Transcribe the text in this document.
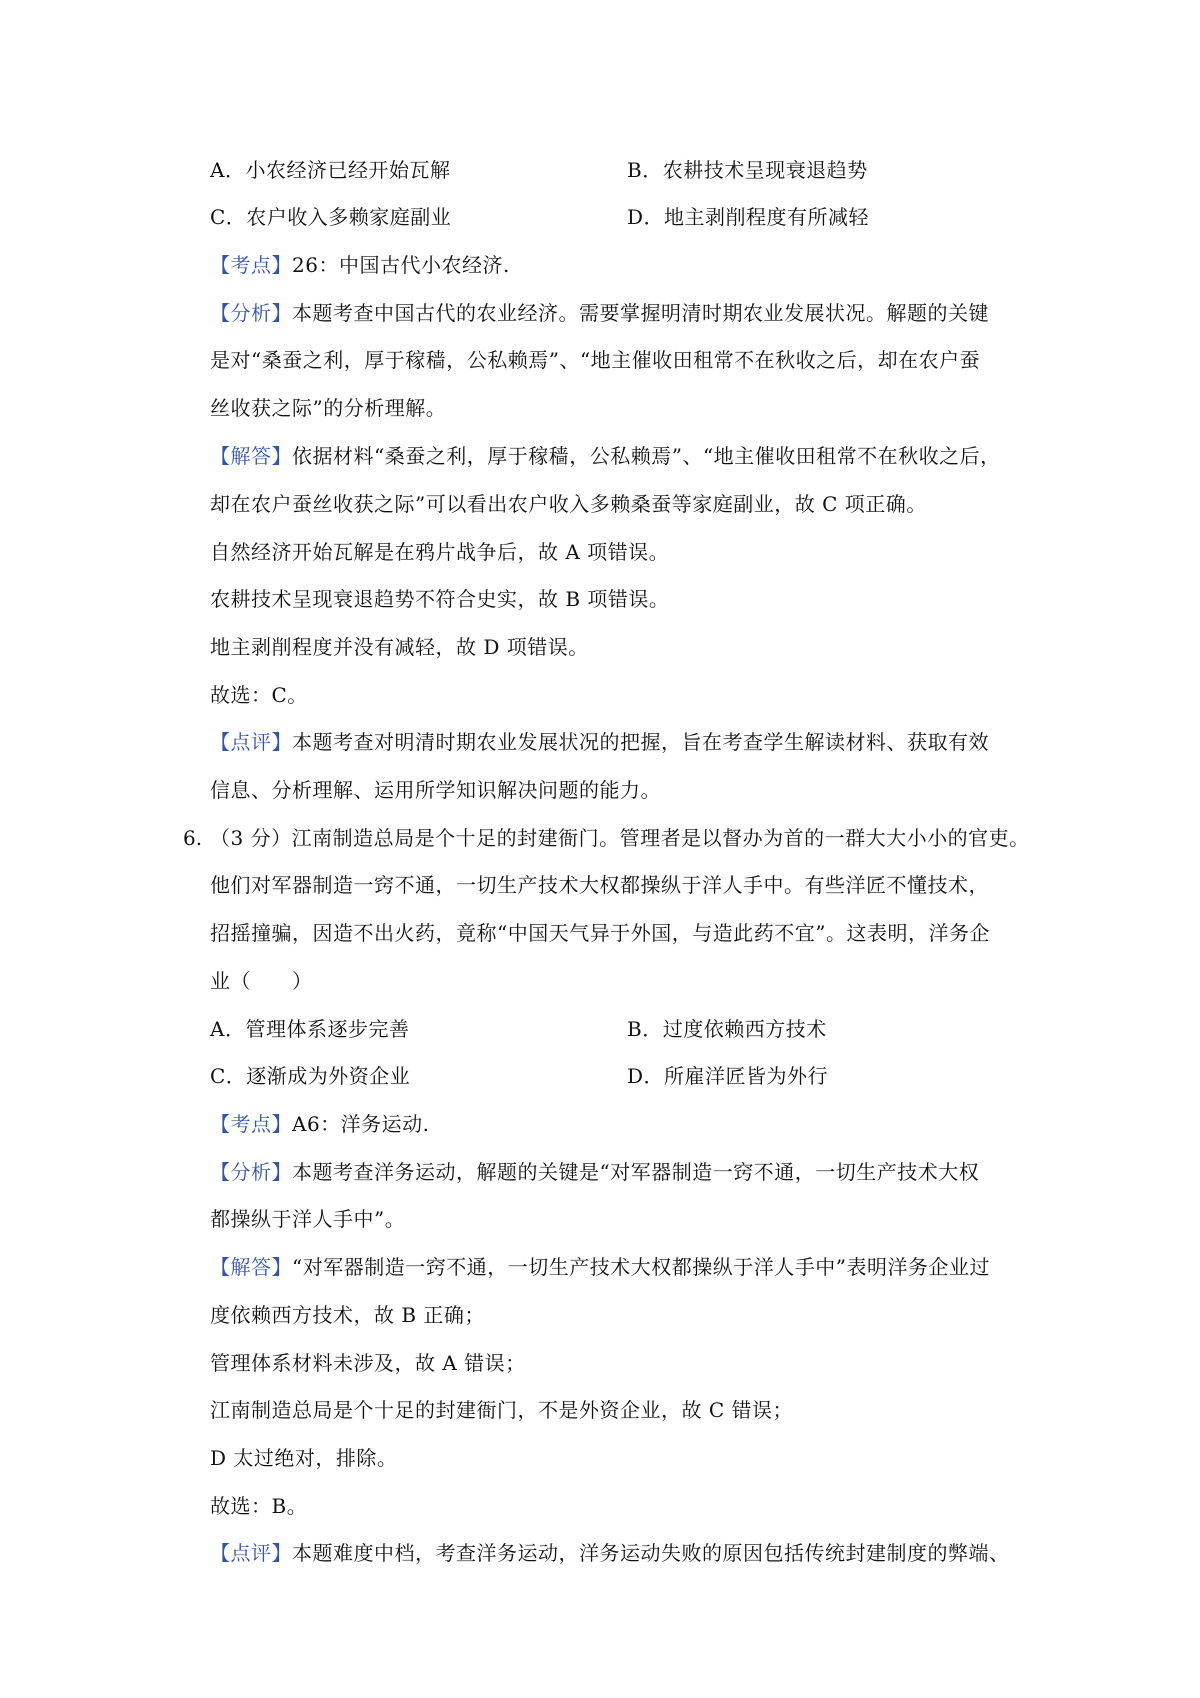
A．小农经济已经开始瓦解	B．农耕技术呈现衰退趋势
C．农户收入多赖家庭副业	D．地主剥削程度有所减轻
【考点】26：中国古代小农经济.
【分析】本题考查中国古代的农业经济。需要掌握明清时期农业发展状况。解题的关键
是对“桑蚕之利，厚于稼穑，公私赖焉”、“地主催收田租常不在秋收之后，却在农户蚕
丝收获之际”的分析理解。
【解答】依据材料“桑蚕之利，厚于稼穑，公私赖焉”、“地主催收田租常不在秋收之后，
却在农户蚕丝收获之际”可以看出农户收入多赖桑蚕等家庭副业，故 C 项正确。
自然经济开始瓦解是在鸦片战争后，故 A 项错误。
农耕技术呈现衰退趋势不符合史实，故 B 项错误。
地主剥削程度并没有减轻，故 D 项错误。
故选：C。
【点评】本题考查对明清时期农业发展状况的把握，旨在考查学生解读材料、获取有效
信息、分析理解、运用所学知识解决问题的能力。
6. （3 分）江南制造总局是个十足的封建衙门。管理者是以督办为首的一群大大小小的官吏。
他们对军器制造一窍不通，一切生产技术大权都操纵于洋人手中。有些洋匠不懂技术，
招摇撞骗，因造不出火药，竟称“中国天气异于外国，与造此药不宜”。这表明，洋务企
业（　　）
A．管理体系逐步完善	B．过度依赖西方技术
C．逐渐成为外资企业	D．所雇洋匠皆为外行
【考点】A6：洋务运动.
【分析】本题考查洋务运动，解题的关键是“对军器制造一窍不通，一切生产技术大权
都操纵于洋人手中”。
【解答】“对军器制造一窍不通，一切生产技术大权都操纵于洋人手中”表明洋务企业过
度依赖西方技术，故 B 正确；
管理体系材料未涉及，故 A 错误；
江南制造总局是个十足的封建衙门，不是外资企业，故 C 错误；
D 太过绝对，排除。
故选：B。
【点评】本题难度中档，考查洋务运动，洋务运动失败的原因包括传统封建制度的弊端、
